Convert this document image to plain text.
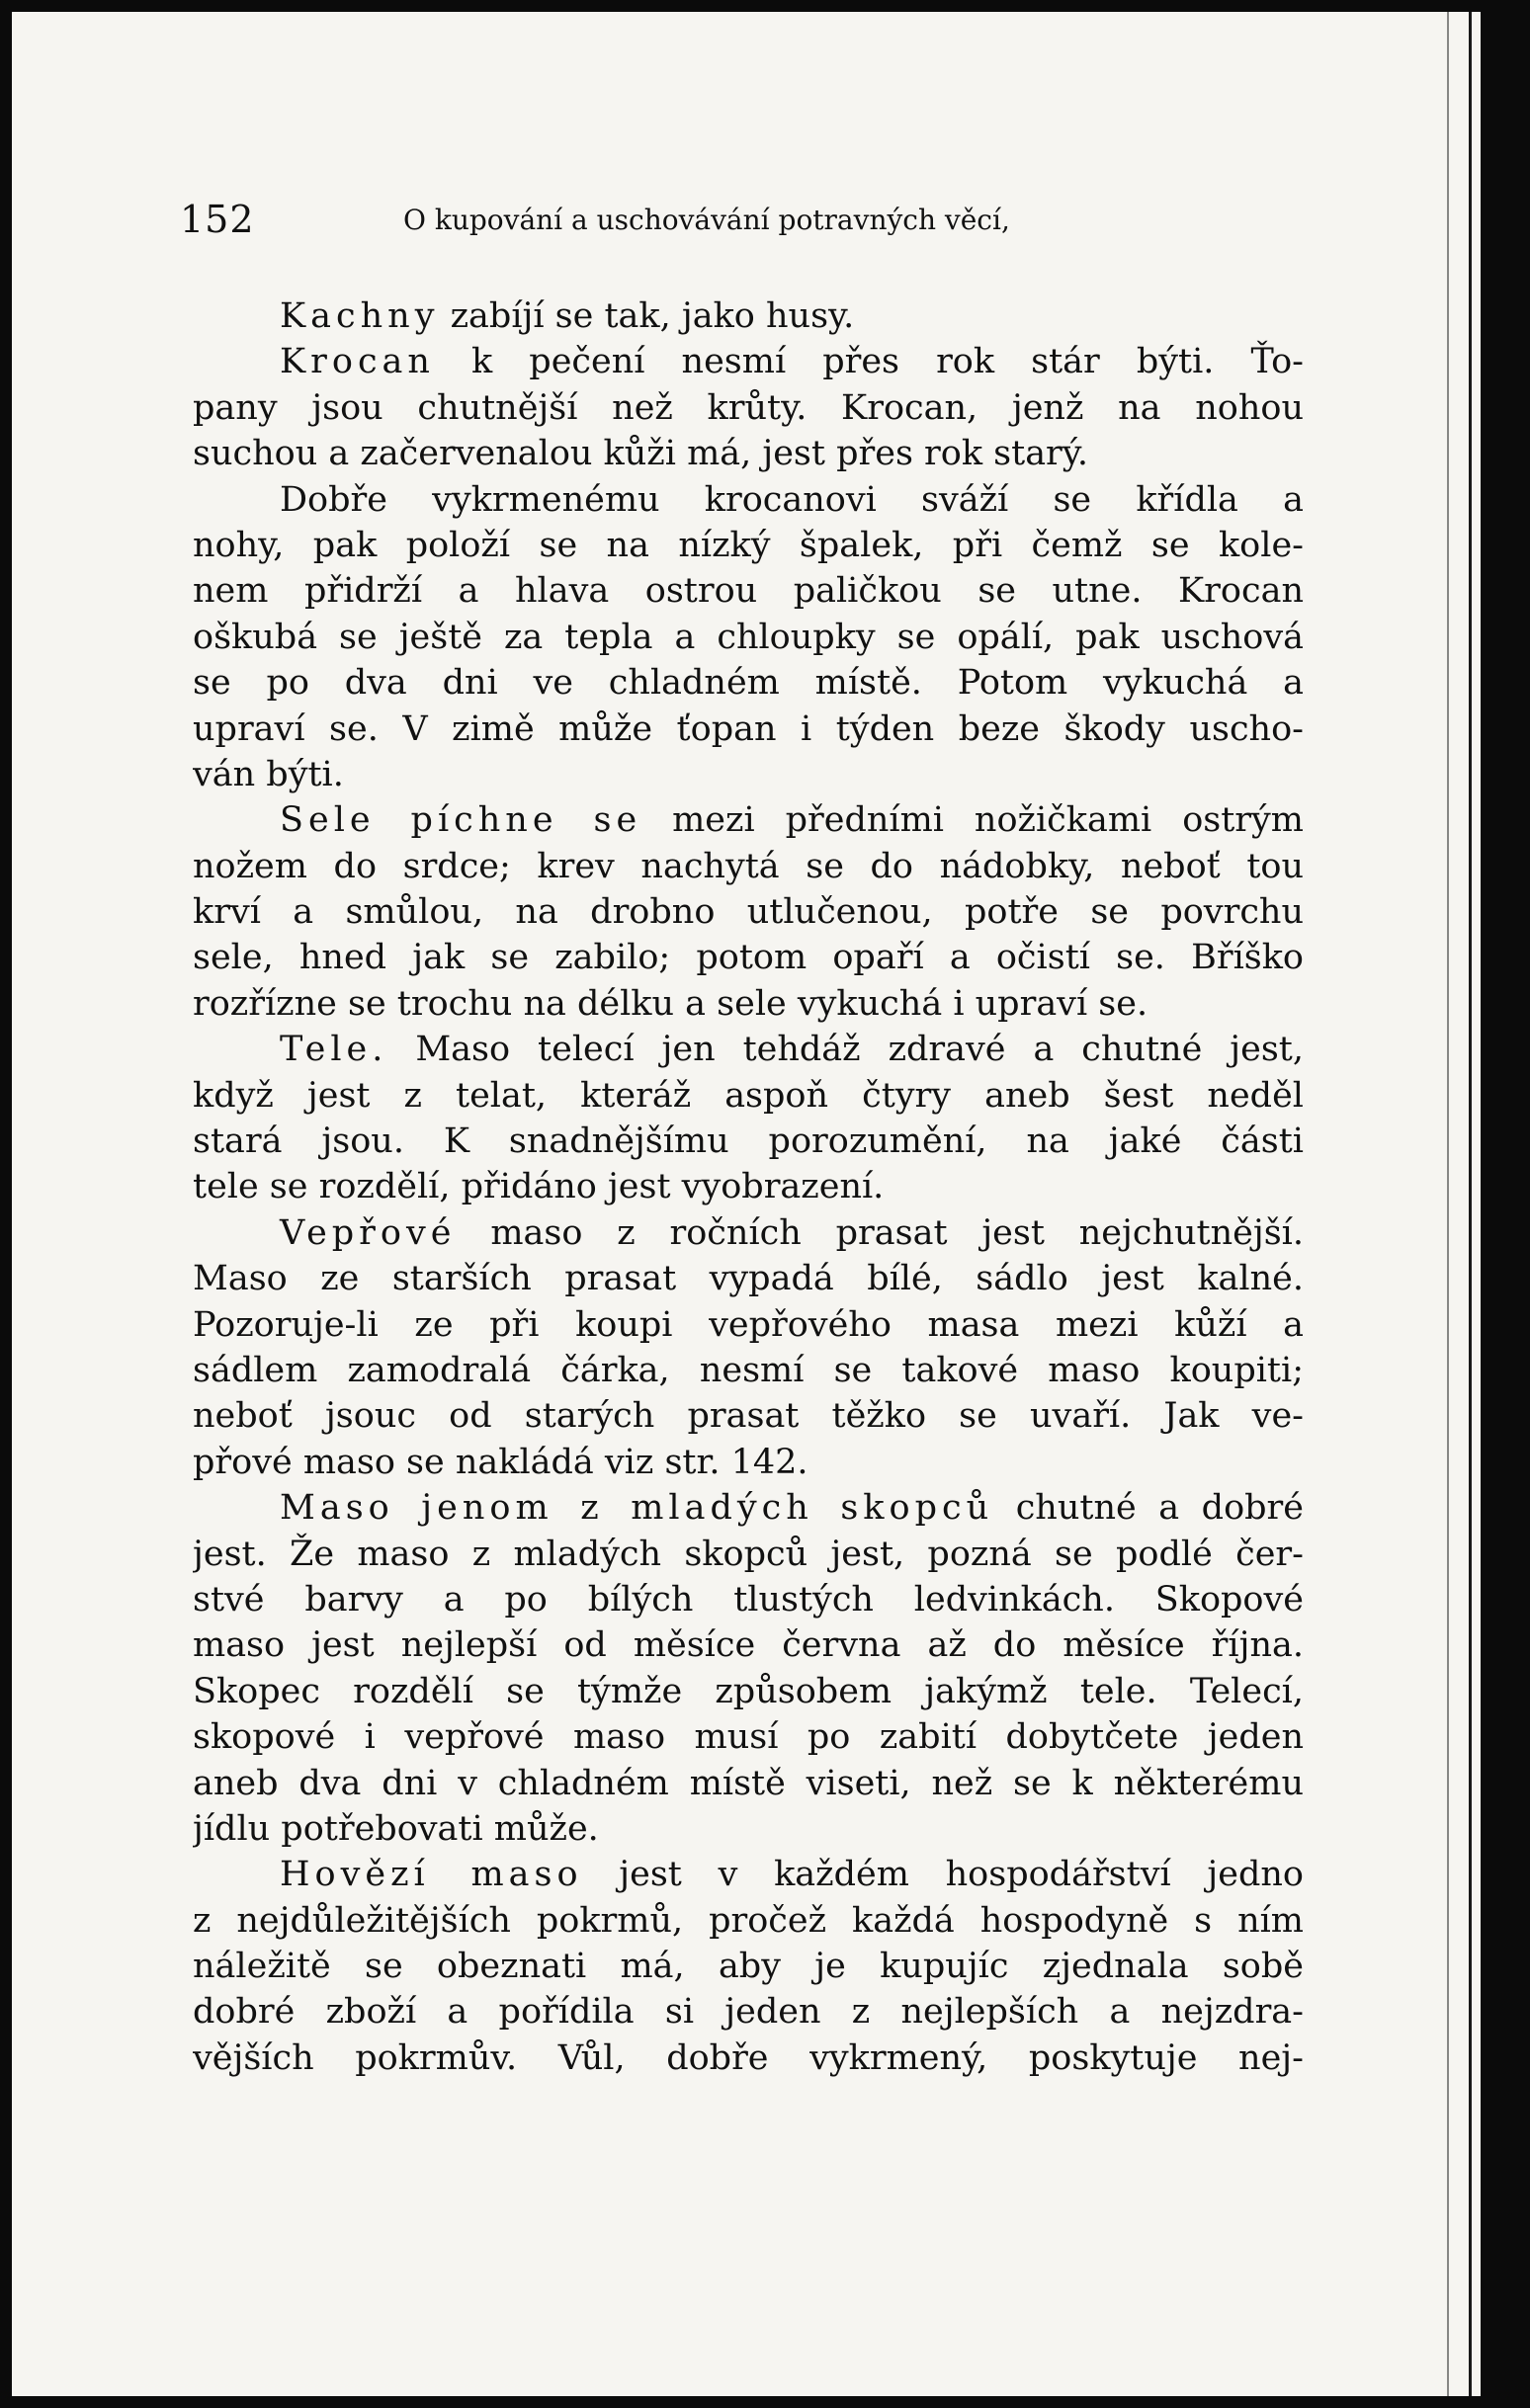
152	O kupování a uschovávání potravných věcí,
Kachny zabíjí se tak, jako husy.
Krocan k pečení nesmí přes rok stár býti. Ťo-
pany jsou chutnější než krůty. Krocan, jenž na nohou
suchou a začervenalou kůži má, jest přes rok starý.
Dobře vykrmenému krocanovi sváží se křídla a
nohy, pak položí se na nízký špalek, při čemž se kole-
nem přidrží a hlava ostrou paličkou se utne. Krocan
oškubá se ještě za tepla a chloupky se opálí, pak uschová
se po dva dni ve chladném místě. Potom vykuchá a
upraví se. V zimě může ťopan i týden beze škody uscho-
ván býti.
Sele píchne se mezi předními nožičkami ostrým
nožem do srdce; krev nachytá se do nádobky, neboť tou
krví a smůlou, na drobno utlučenou, potře se povrchu
sele, hned jak se zabilo; potom opaří a očistí se. Bříško
rozřízne se trochu na délku a sele vykuchá i upraví se.
Tele. Maso telecí jen tehdáž zdravé a chutné jest,
když jest z telat, kteráž aspoň čtyry aneb šest neděl
stará jsou. K snadnějšímu porozumění, na jaké části
tele se rozdělí, přidáno jest vyobrazení.
Vepřové maso z ročních prasat jest nejchutnější.
Maso ze starších prasat vypadá bílé, sádlo jest kalné.
Pozoruje-li ze při koupi vepřového masa mezi kůží a
sádlem zamodralá čárka, nesmí se takové maso koupiti;
neboť jsouc od starých prasat těžko se uvaří. Jak ve-
přové maso se nakládá viz str. 142.
Maso jenom z mladých skopců chutné a dobré
jest. Že maso z mladých skopců jest, pozná se podlé čer-
stvé barvy a po bílých tlustých ledvinkách. Skopové
maso jest nejlepší od měsíce června až do měsíce října.
Skopec rozdělí se týmže způsobem jakýmž tele. Telecí,
skopové i vepřové maso musí po zabití dobytčete jeden
aneb dva dni v chladném místě viseti, než se k některému
jídlu potřebovati může.
Hovězí maso jest v každém hospodářství jedno
z nejdůležitějších pokrmů, pročež každá hospodyně s ním
náležitě se obeznati má, aby je kupujíc zjednala sobě
dobré zboží a pořídila si jeden z nejlepších a nejzdra-
vějších pokrmův. Vůl, dobře vykrmený, poskytuje nej-
